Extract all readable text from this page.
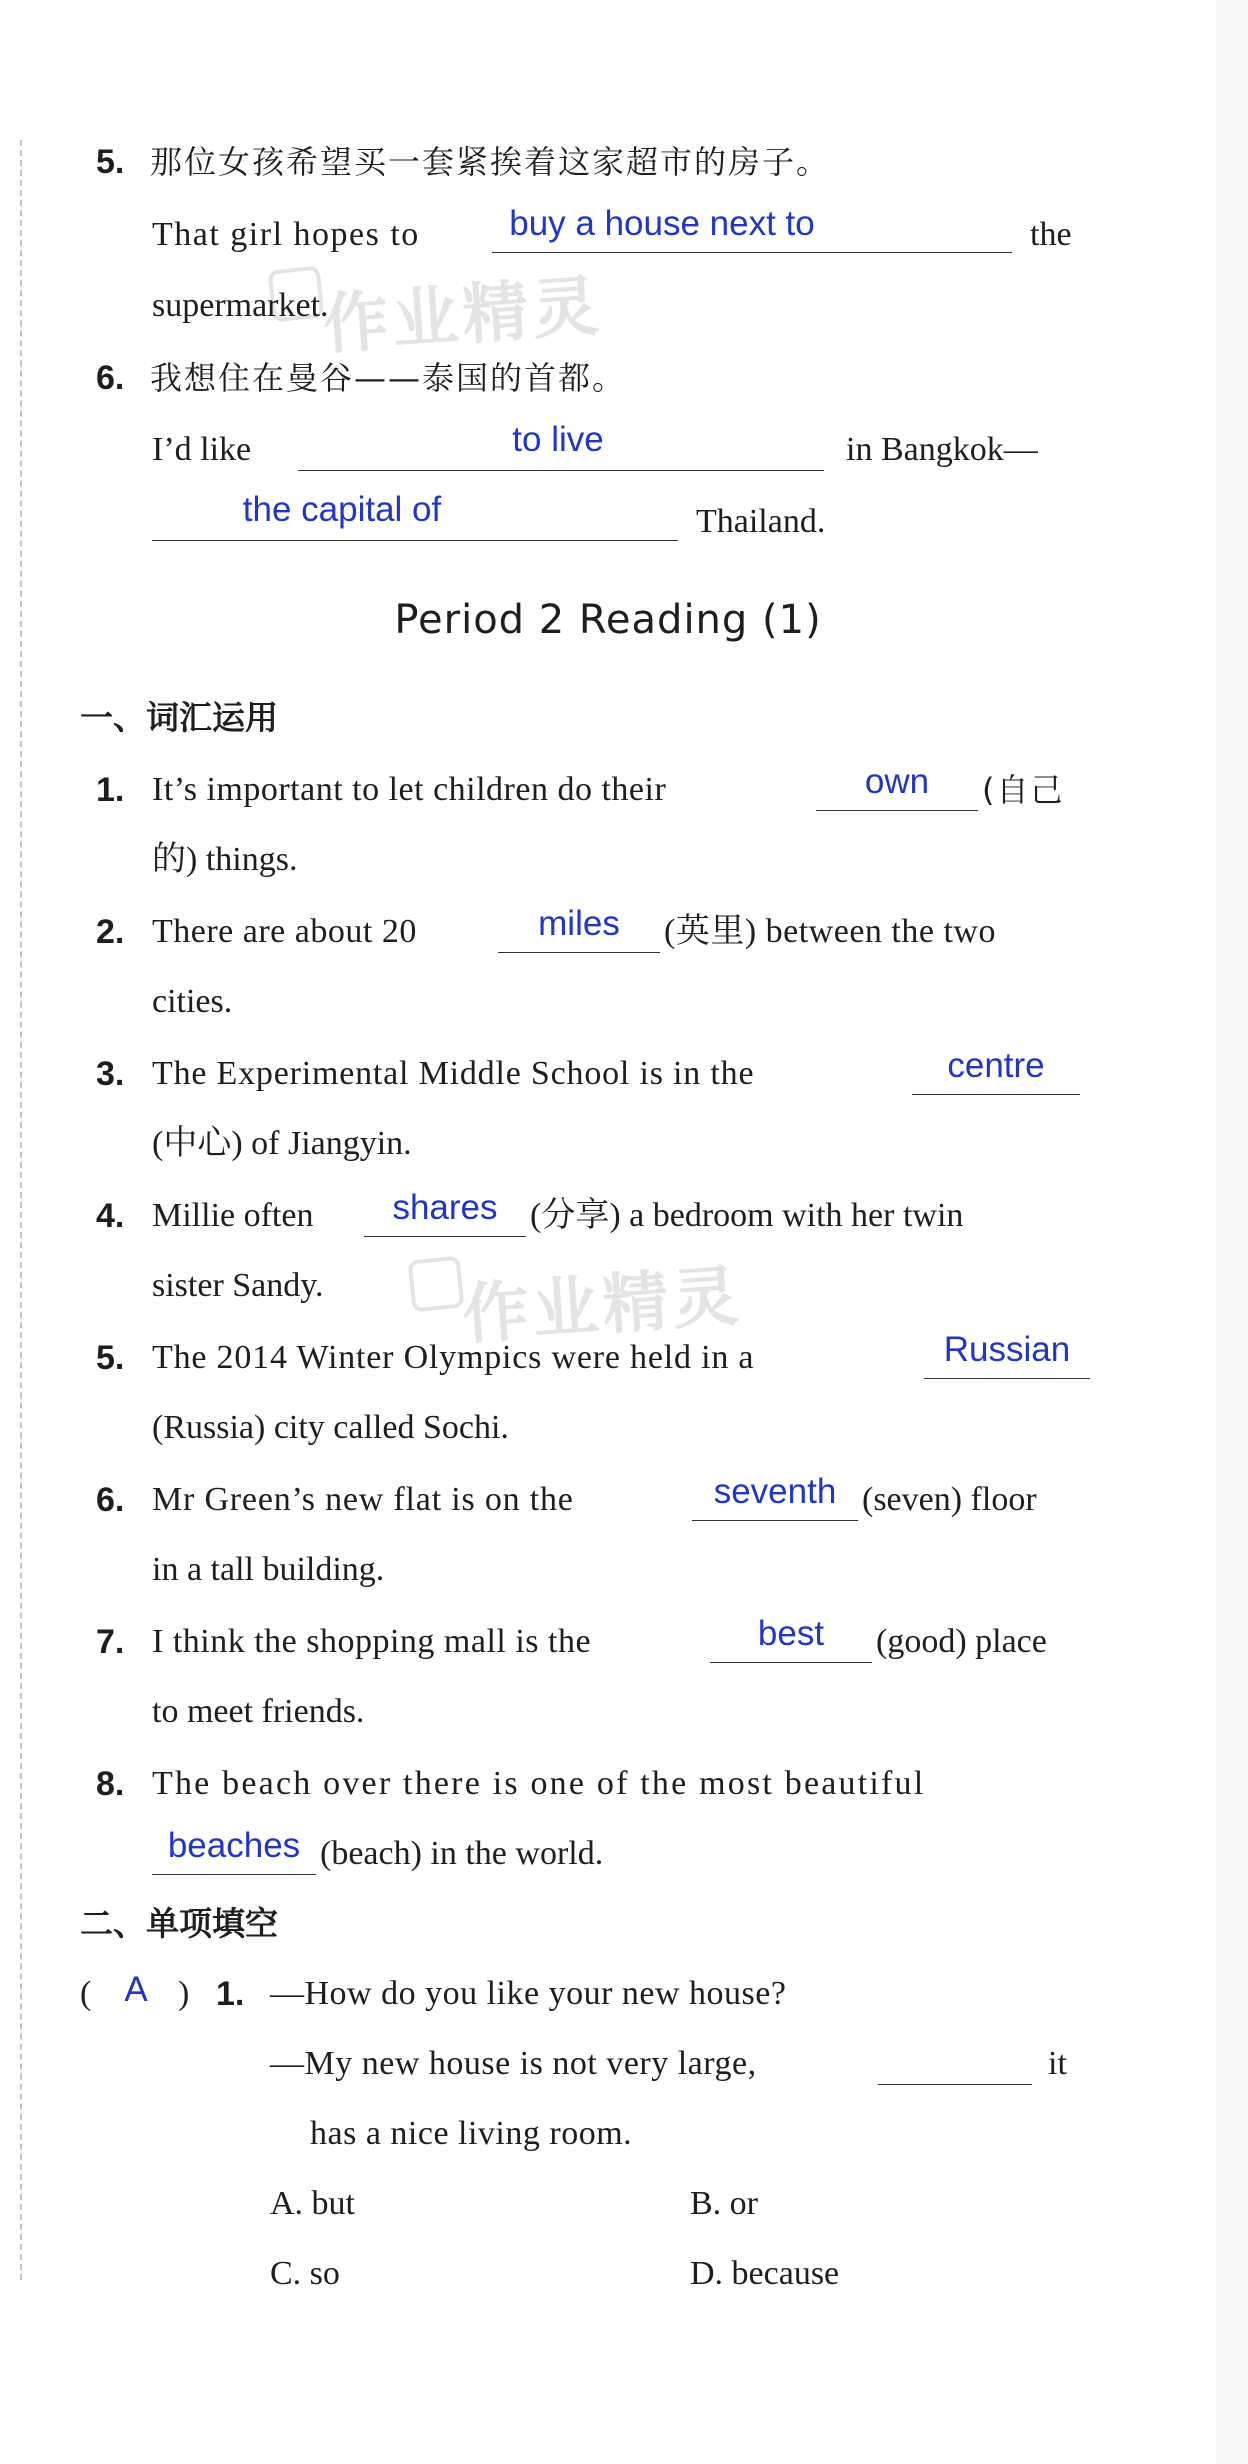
作业精灵
作业精灵
5. 那位女孩希望买一套紧挨着这家超市的房子。
That girl hopes to	buy a house next to	the
supermarket.
6. 我想住在曼谷——泰国的首都。
I’d like	to live	in Bangkok—
the capital of	Thailand.
Period 2 Reading (1)
一、词汇运用
1. It’s important to let children do their	own	(自己
的) things.
2. There are about 20	miles	(英里) between the two
cities.
3. The Experimental Middle School is in the	centre
(中心) of Jiangyin.
4. Millie often	shares (分享) a bedroom with her twin
sister Sandy.
5. The 2014 Winter Olympics were held in a	Russian
(Russia) city called Sochi.
6. Mr Green’s new flat is on the	seventh (seven) floor
in a tall building.
7. I think the shopping mall is the	best	(good) place
to meet friends.
8. The beach over there is one of the most beautiful
beaches (beach) in the world.
二、单项填空
( A ) 1. —How do you like your new house?
—My new house is not very large,	it
has a nice living room.
A. but	B. or
C. so	D. because
